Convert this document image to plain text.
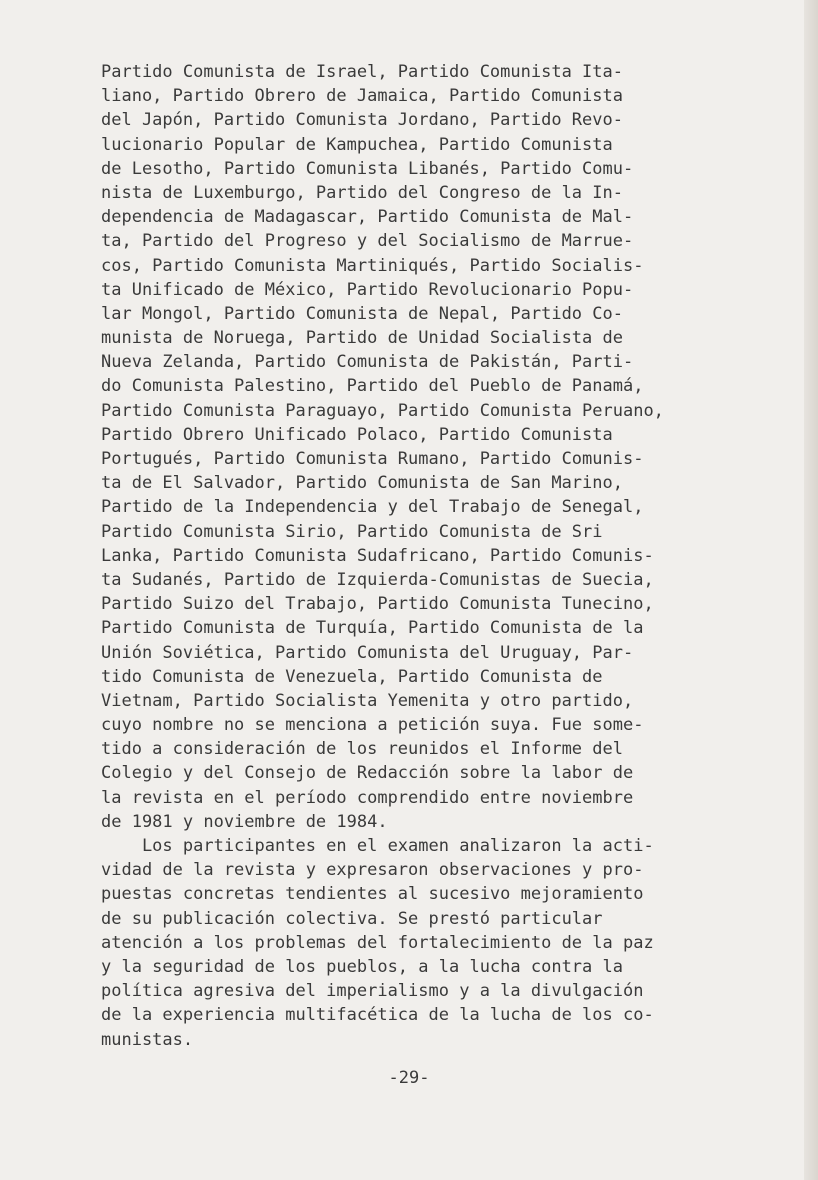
Partido Comunista de Israel, Partido Comunista Ita-
liano, Partido Obrero de Jamaica, Partido Comunista
del Japón, Partido Comunista Jordano, Partido Revo-
lucionario Popular de Kampuchea, Partido Comunista
de Lesotho, Partido Comunista Libanés, Partido Comu-
nista de Luxemburgo, Partido del Congreso de la In-
dependencia de Madagascar, Partido Comunista de Mal-
ta, Partido del Progreso y del Socialismo de Marrue-
cos, Partido Comunista Martiniqués, Partido Socialis-
ta Unificado de México, Partido Revolucionario Popu-
lar Mongol, Partido Comunista de Nepal, Partido Co-
munista de Noruega, Partido de Unidad Socialista de
Nueva Zelanda, Partido Comunista de Pakistán, Parti-
do Comunista Palestino, Partido del Pueblo de Panamá,
Partido Comunista Paraguayo, Partido Comunista Peruano,
Partido Obrero Unificado Polaco, Partido Comunista
Portugués, Partido Comunista Rumano, Partido Comunis-
ta de El Salvador, Partido Comunista de San Marino,
Partido de la Independencia y del Trabajo de Senegal,
Partido Comunista Sirio, Partido Comunista de Sri
Lanka, Partido Comunista Sudafricano, Partido Comunis-
ta Sudanés, Partido de Izquierda-Comunistas de Suecia,
Partido Suizo del Trabajo, Partido Comunista Tunecino,
Partido Comunista de Turquía, Partido Comunista de la
Unión Soviética, Partido Comunista del Uruguay, Par-
tido Comunista de Venezuela, Partido Comunista de
Vietnam, Partido Socialista Yemenita y otro partido,
cuyo nombre no se menciona a petición suya. Fue some-
tido a consideración de los reunidos el Informe del
Colegio y del Consejo de Redacción sobre la labor de
la revista en el período comprendido entre noviembre
de 1981 y noviembre de 1984.
Los participantes en el examen analizaron la acti-
vidad de la revista y expresaron observaciones y pro-
puestas concretas tendientes al sucesivo mejoramiento
de su publicación colectiva. Se prestó particular
atención a los problemas del fortalecimiento de la paz
y la seguridad de los pueblos, a la lucha contra la
política agresiva del imperialismo y a la divulgación
de la experiencia multifacética de la lucha de los co-
munistas.
-29-
